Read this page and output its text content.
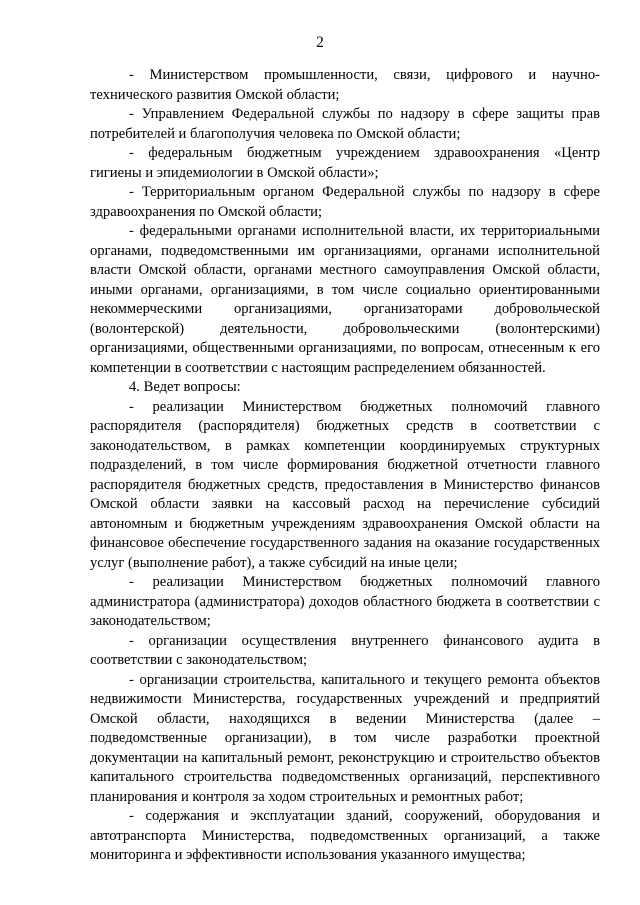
2

- Министерством промышленности, связи, цифрового и научно-технического развития Омской области;

- Управлением Федеральной службы по надзору в сфере защиты прав потребителей и благополучия человека по Омской области;

- федеральным бюджетным учреждением здравоохранения «Центр гигиены и эпидемиологии в Омской области»;

- Территориальным органом Федеральной службы по надзору в сфере здравоохранения по Омской области;

- федеральными органами исполнительной власти, их территориальными органами, подведомственными им организациями, органами исполнительной власти Омской области, органами местного самоуправления Омской области, иными органами, организациями, в том числе социально ориентированными некоммерческими организациями, организаторами добровольческой (волонтерской) деятельности, добровольческими (волонтерскими) организациями, общественными организациями, по вопросам, отнесенным к его компетенции в соответствии с настоящим распределением обязанностей.

4. Ведет вопросы:

- реализации Министерством бюджетных полномочий главного распорядителя (распорядителя) бюджетных средств в соответствии с законодательством, в рамках компетенции координируемых структурных подразделений, в том числе формирования бюджетной отчетности главного распорядителя бюджетных средств, предоставления в Министерство финансов Омской области заявки на кассовый расход на перечисление субсидий автономным и бюджетным учреждениям здравоохранения Омской области на финансовое обеспечение государственного задания на оказание государственных услуг (выполнение работ), а также субсидий на иные цели;

- реализации Министерством бюджетных полномочий главного администратора (администратора) доходов областного бюджета в соответствии с законодательством;

- организации осуществления внутреннего финансового аудита в соответствии с законодательством;

- организации строительства, капитального и текущего ремонта объектов недвижимости Министерства, государственных учреждений и предприятий Омской области, находящихся в ведении Министерства (далее – подведомственные организации), в том числе разработки проектной документации на капитальный ремонт, реконструкцию и строительство объектов капитального строительства подведомственных организаций, перспективного планирования и контроля за ходом строительных и ремонтных работ;

- содержания и эксплуатации зданий, сооружений, оборудования и автотранспорта Министерства, подведомственных организаций, а также мониторинга и эффективности использования указанного имущества;
